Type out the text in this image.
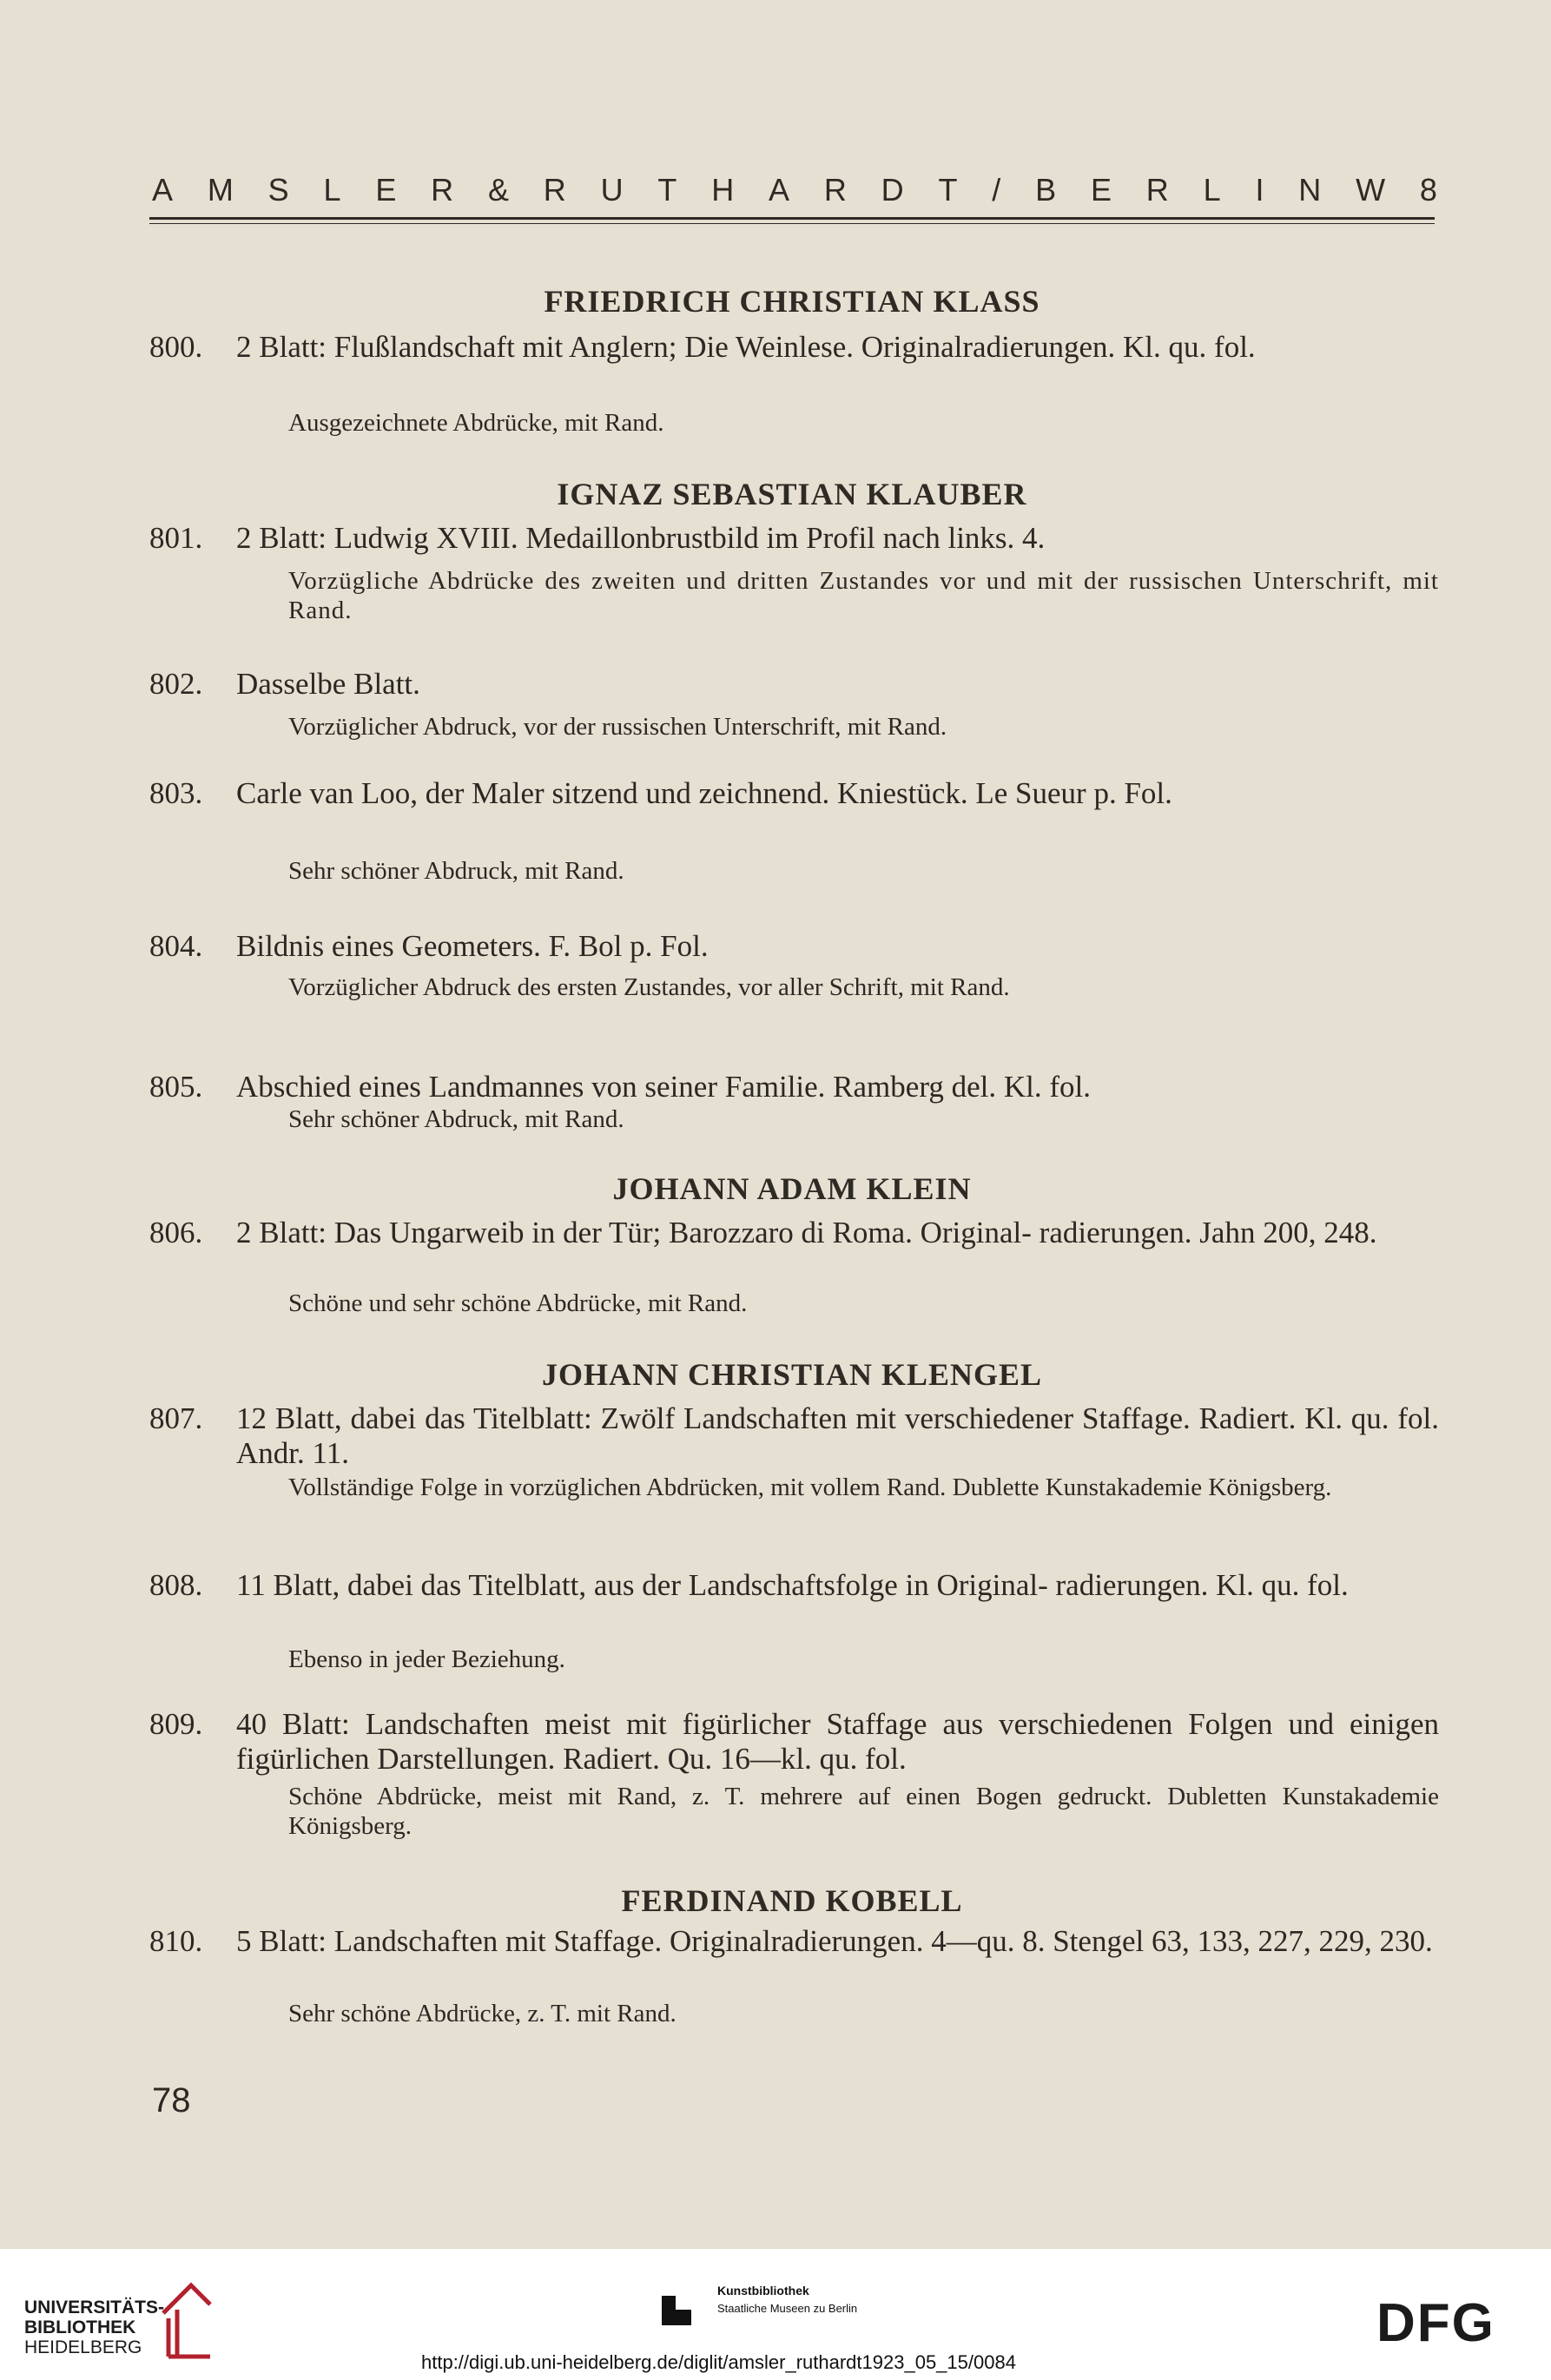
A M S L E R & R U T H A R D T / B E R L I N W 8
FRIEDRICH CHRISTIAN KLASS
800. 2 Blatt: Flußlandschaft mit Anglern; Die Weinlese. Originalradierungen. Kl. qu. fol.
Ausgezeichnete Abdrücke, mit Rand.
IGNAZ SEBASTIAN KLAUBER
801. 2 Blatt: Ludwig XVIII. Medaillonbrustbild im Profil nach links. 4.
Vorzügliche Abdrücke des zweiten und dritten Zustandes vor und mit der russischen Unterschrift, mit Rand.
802. Dasselbe Blatt.
Vorzüglicher Abdruck, vor der russischen Unterschrift, mit Rand.
803. Carle van Loo, der Maler sitzend und zeichnend. Kniestück. Le Sueur p. Fol.
Sehr schöner Abdruck, mit Rand.
804. Bildnis eines Geometers. F. Bol p. Fol.
Vorzüglicher Abdruck des ersten Zustandes, vor aller Schrift, mit Rand.
805. Abschied eines Landmannes von seiner Familie. Ramberg del. Kl. fol.
Sehr schöner Abdruck, mit Rand.
JOHANN ADAM KLEIN
806. 2 Blatt: Das Ungarweib in der Tür; Barozzaro di Roma. Original- radierungen. Jahn 200, 248.
Schöne und sehr schöne Abdrücke, mit Rand.
JOHANN CHRISTIAN KLENGEL
807. 12 Blatt, dabei das Titelblatt: Zwölf Landschaften mit verschiedener Staffage. Radiert. Kl. qu. fol. Andr. 11.
Vollständige Folge in vorzüglichen Abdrücken, mit vollem Rand. Dublette Kunstakademie Königsberg.
808. 11 Blatt, dabei das Titelblatt, aus der Landschaftsfolge in Original- radierungen. Kl. qu. fol.
Ebenso in jeder Beziehung.
809. 40 Blatt: Landschaften meist mit figürlicher Staffage aus verschiedenen Folgen und einigen figürlichen Darstellungen. Radiert. Qu. 16—kl. qu. fol.
Schöne Abdrücke, meist mit Rand, z. T. mehrere auf einen Bogen gedruckt. Dubletten Kunstakademie Königsberg.
FERDINAND KOBELL
810. 5 Blatt: Landschaften mit Staffage. Originalradierungen. 4—qu. 8. Stengel 63, 133, 227, 229, 230.
Sehr schöne Abdrücke, z. T. mit Rand.
78
UNIVERSITÄTS-
BIBLIOTHEK
HEIDELBERG
Kunstbibliothek
Staatliche Museen zu Berlin	DFG
http://digi.ub.uni-heidelberg.de/diglit/amsler_ruthardt1923_05_15/0084
